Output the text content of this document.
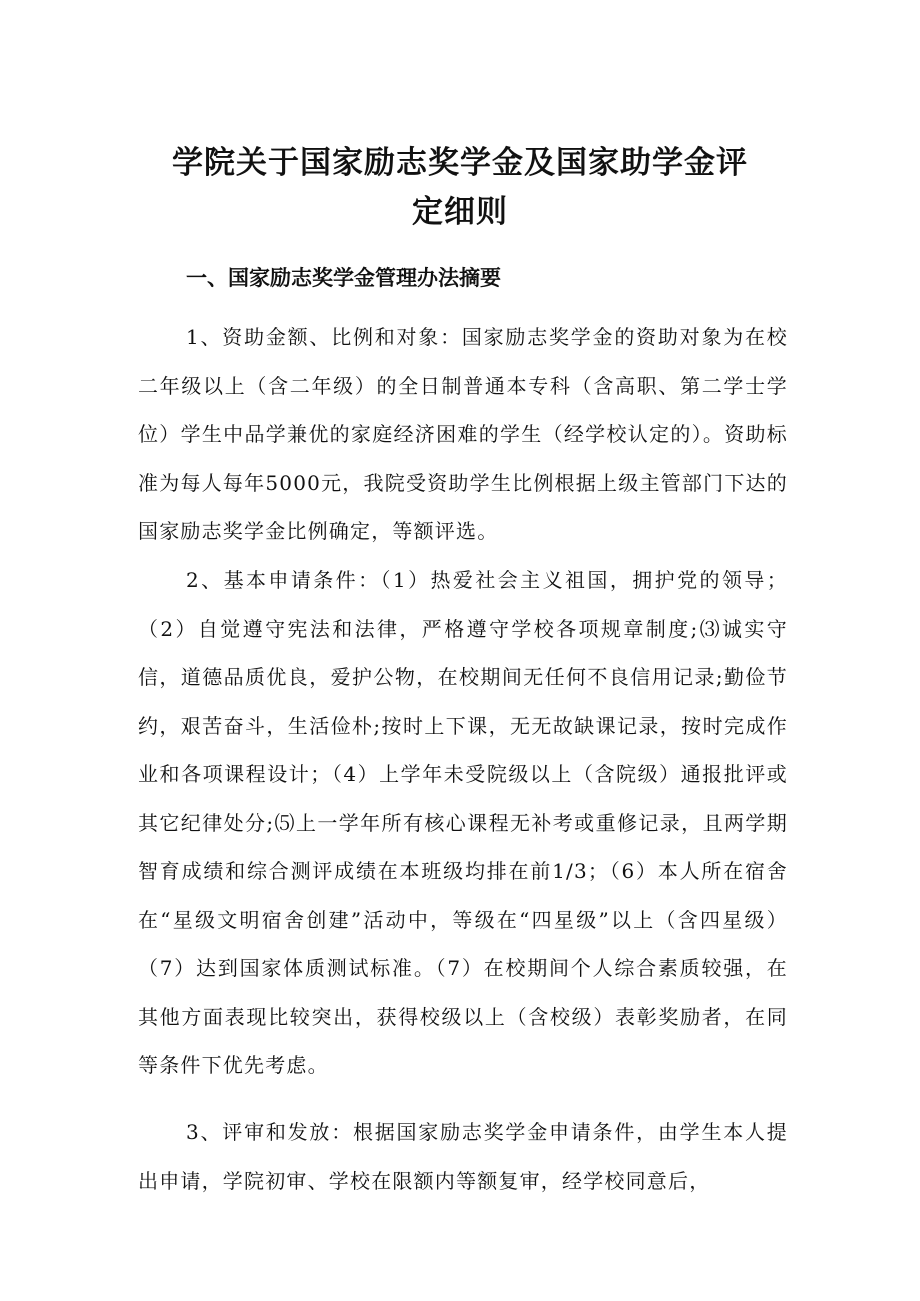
学院关于国家励志奖学金及国家助学金评
定细则
一、国家励志奖学金管理办法摘要

1、资助金额、比例和对象：国家励志奖学金的资助对象为在校二年级以上（含二年级）的全日制普通本专科（含高职、第二学士学位）学生中品学兼优的家庭经济困难的学生（经学校认定的）。资助标准为每人每年5000元，我院受资助学生比例根据上级主管部门下达的国家励志奖学金比例确定，等额评选。

2、基本申请条件：（1）热爱社会主义祖国，拥护党的领导；（2）自觉遵守宪法和法律，严格遵守学校各项规章制度;⑶诚实守信，道德品质优良，爱护公物，在校期间无任何不良信用记录;勤俭节约，艰苦奋斗，生活俭朴;按时上下课，无无故缺课记录，按时完成作业和各项课程设计；（4）上学年未受院级以上（含院级）通报批评或其它纪律处分;⑸上一学年所有核心课程无补考或重修记录，且两学期智育成绩和综合测评成绩在本班级均排在前1/3；（6）本人所在宿舍在“星级文明宿舍创建”活动中，等级在“四星级”以上（含四星级）（7）达到国家体质测试标准。（7）在校期间个人综合素质较强，在其他方面表现比较突出，获得校级以上（含校级）表彰奖励者，在同等条件下优先考虑。

3、评审和发放：根据国家励志奖学金申请条件，由学生本人提出申请，学院初审、学校在限额内等额复审，经学校同意后，
